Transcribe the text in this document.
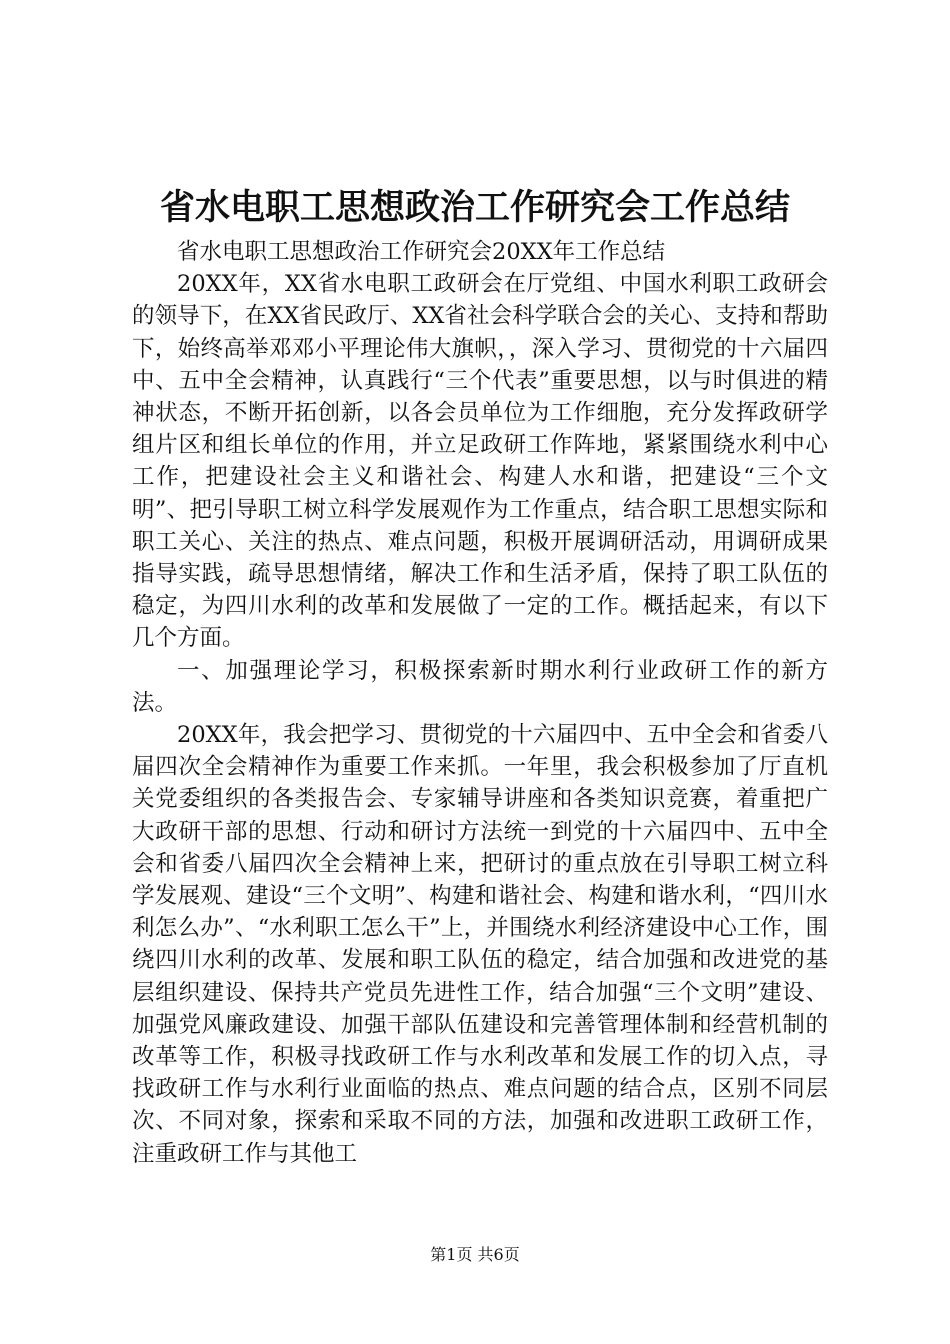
省水电职工思想政治工作研究会工作总结

省水电职工思想政治工作研究会20XX年工作总结

20XX年，XX省水电职工政研会在厅党组、中国水利职工政研会的领导下，在XX省民政厅、XX省社会科学联合会的关心、支持和帮助下，始终高举邓邓小平理论伟大旗帜，，深入学习、贯彻党的十六届四中、五中全会精神，认真践行“三个代表”重要思想，以与时俱进的精神状态，不断开拓创新，以各会员单位为工作细胞，充分发挥政研学组片区和组长单位的作用，并立足政研工作阵地，紧紧围绕水利中心工作，把建设社会主义和谐社会、构建人水和谐，把建设“三个文明”、把引导职工树立科学发展观作为工作重点，结合职工思想实际和职工关心、关注的热点、难点问题，积极开展调研活动，用调研成果指导实践，疏导思想情绪，解决工作和生活矛盾，保持了职工队伍的稳定，为四川水利的改革和发展做了一定的工作。概括起来，有以下几个方面。

一、加强理论学习，积极探索新时期水利行业政研工作的新方法。

20XX年，我会把学习、贯彻党的十六届四中、五中全会和省委八届四次全会精神作为重要工作来抓。一年里，我会积极参加了厅直机关党委组织的各类报告会、专家辅导讲座和各类知识竞赛，着重把广大政研干部的思想、行动和研讨方法统一到党的十六届四中、五中全会和省委八届四次全会精神上来，把研讨的重点放在引导职工树立科学发展观、建设“三个文明”、构建和谐社会、构建和谐水利，“四川水利怎么办”、“水利职工怎么干”上，并围绕水利经济建设中心工作，围绕四川水利的改革、发展和职工队伍的稳定，结合加强和改进党的基层组织建设、保持共产党员先进性工作，结合加强“三个文明”建设、加强党风廉政建设、加强干部队伍建设和完善管理体制和经营机制的改革等工作，积极寻找政研工作与水利改革和发展工作的切入点，寻找政研工作与水利行业面临的热点、难点问题的结合点，区别不同层次、不同对象，探索和采取不同的方法，加强和改进职工政研工作，注重政研工作与其他工

第1页 共6页
